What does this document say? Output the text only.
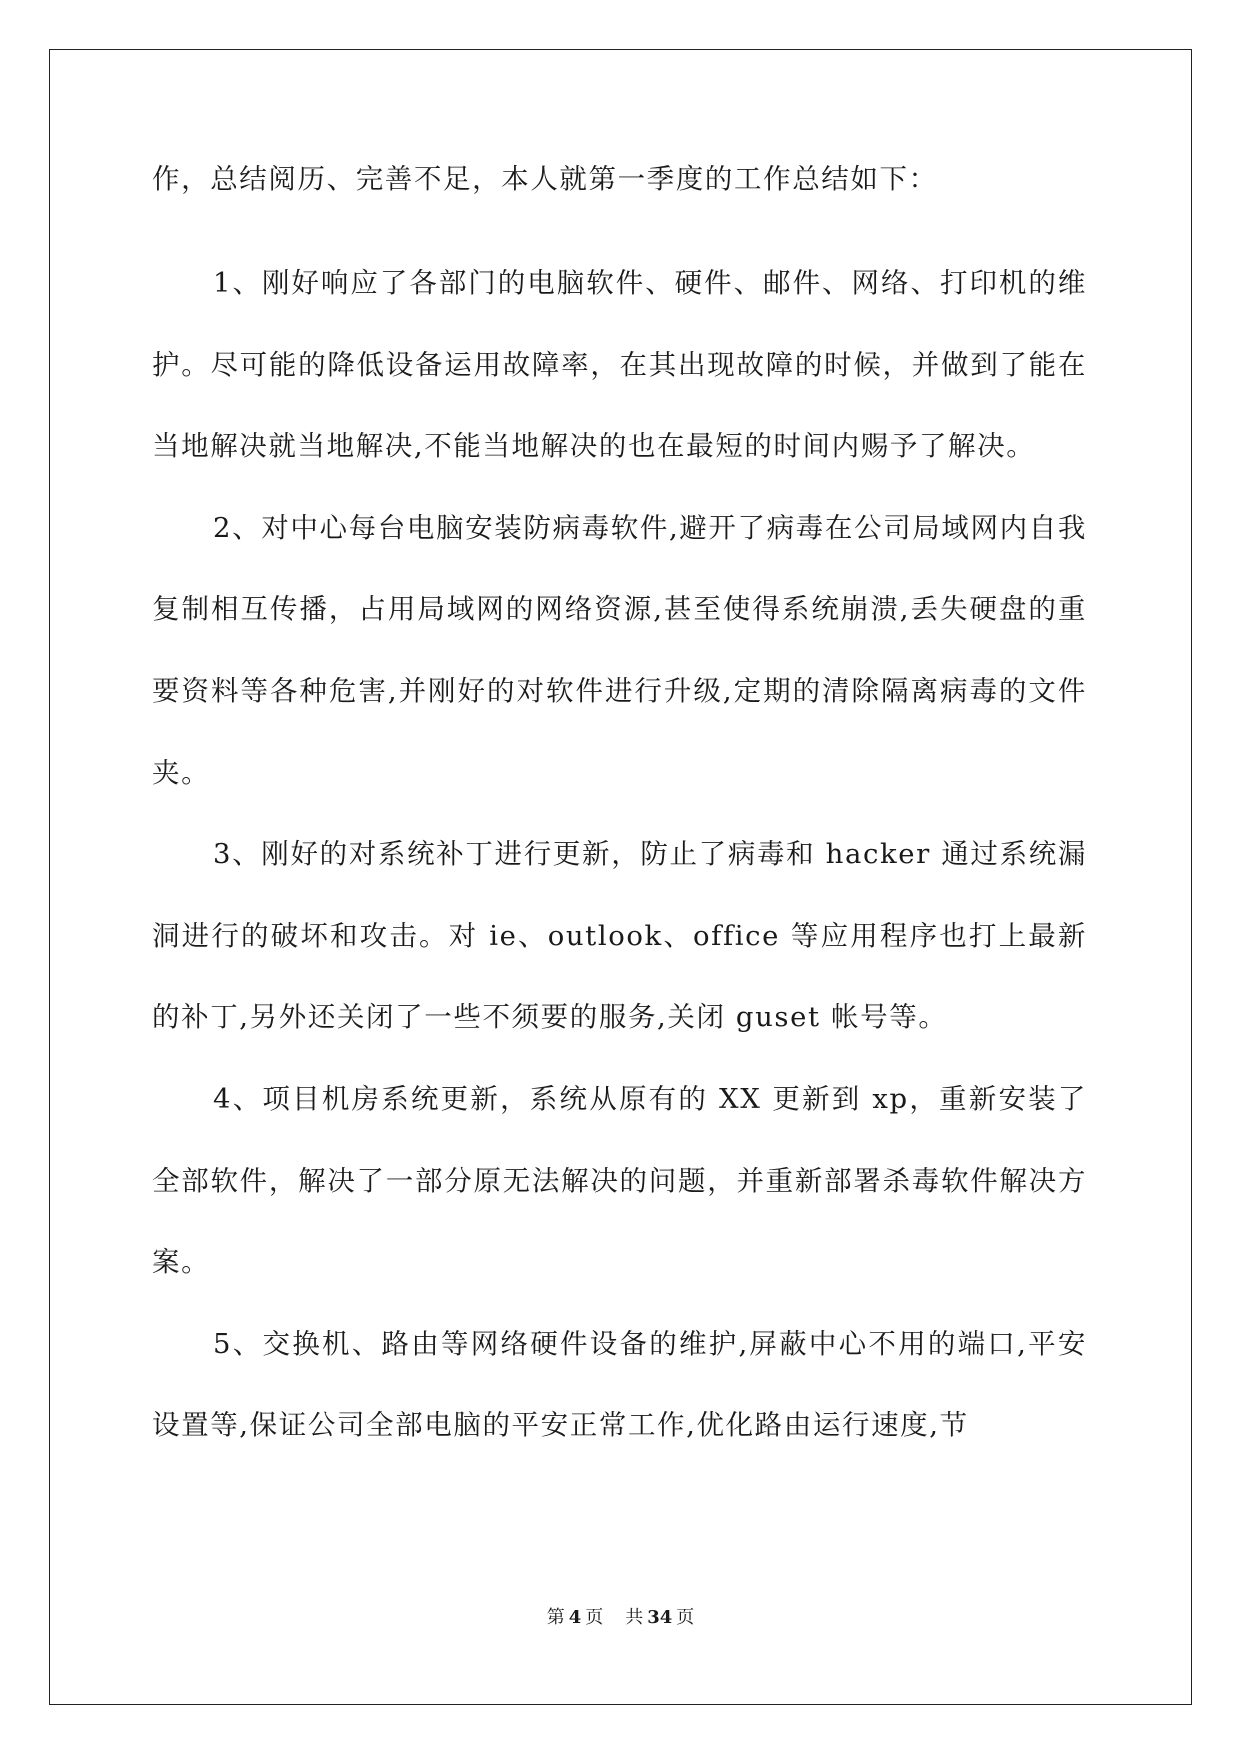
作，总结阅历、完善不足，本人就第一季度的工作总结如下：

1、刚好响应了各部门的电脑软件、硬件、邮件、网络、打印机的维护。尽可能的降低设备运用故障率，在其出现故障的时候，并做到了能在当地解决就当地解决,不能当地解决的也在最短的时间内赐予了解决。

2、对中心每台电脑安装防病毒软件,避开了病毒在公司局域网内自我复制相互传播，占用局域网的网络资源,甚至使得系统崩溃,丢失硬盘的重要资料等各种危害,并刚好的对软件进行升级,定期的清除隔离病毒的文件夹。

3、刚好的对系统补丁进行更新，防止了病毒和 hacker 通过系统漏洞进行的破坏和攻击。对 ie、outlook、office 等应用程序也打上最新的补丁,另外还关闭了一些不须要的服务,关闭 guset 帐号等。

4、项目机房系统更新，系统从原有的 XX 更新到 xp，重新安装了全部软件，解决了一部分原无法解决的问题，并重新部署杀毒软件解决方案。

5、交换机、路由等网络硬件设备的维护,屏蔽中心不用的端口,平安设置等,保证公司全部电脑的平安正常工作,优化路由运行速度,节

第 4 页 共 34 页
